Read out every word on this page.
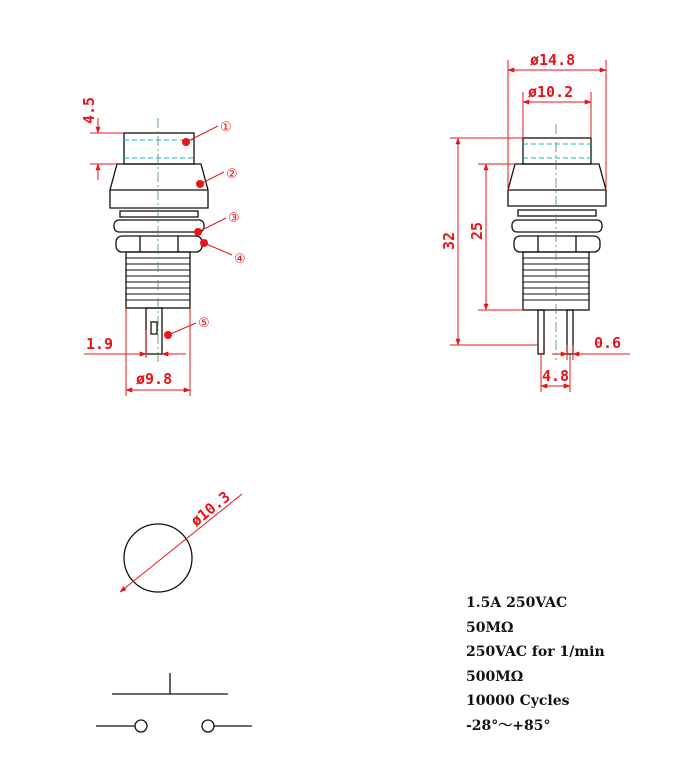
①
②
③
④
⑤
4.5
1.9
ø9.8
ø14.8
ø10.2
32
25
0.6
4.8
ø10.3
1.5A 250VAC
50MΩ
250VAC for 1/min
500MΩ
10000 Cycles
-28°～+85°
